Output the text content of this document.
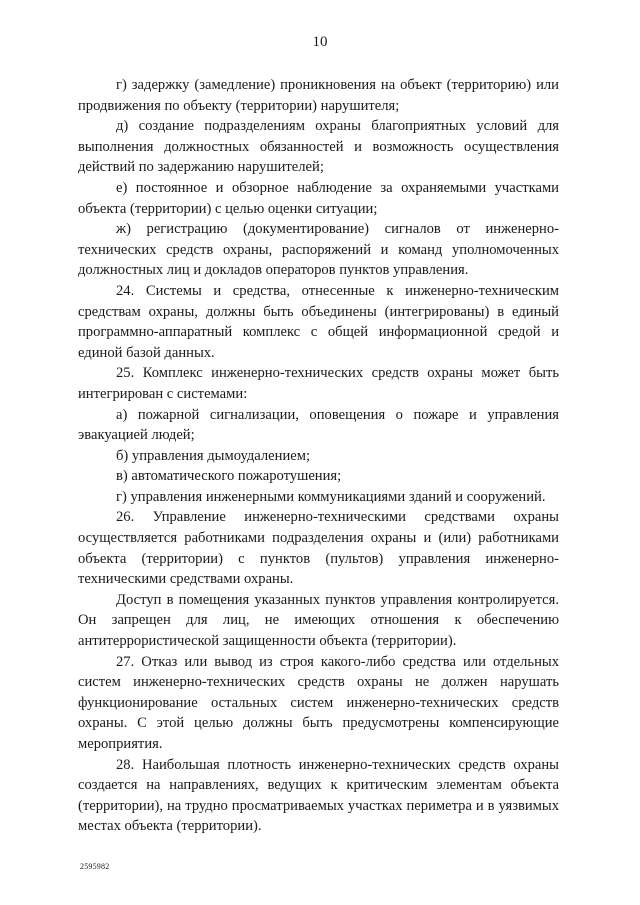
10

г) задержку (замедление) проникновения на объект (территорию) или продвижения по объекту (территории) нарушителя;

д) создание подразделениям охраны благоприятных условий для выполнения должностных обязанностей и возможность осуществления действий по задержанию нарушителей;

е) постоянное и обзорное наблюдение за охраняемыми участками объекта (территории) с целью оценки ситуации;

ж) регистрацию (документирование) сигналов от инженерно-технических средств охраны, распоряжений и команд уполномоченных должностных лиц и докладов операторов пунктов управления.

24. Системы и средства, отнесенные к инженерно-техническим средствам охраны, должны быть объединены (интегрированы) в единый программно-аппаратный комплекс с общей информационной средой и единой базой данных.

25. Комплекс инженерно-технических средств охраны может быть интегрирован с системами:

а) пожарной сигнализации, оповещения о пожаре и управления эвакуацией людей;

б) управления дымоудалением;

в) автоматического пожаротушения;

г) управления инженерными коммуникациями зданий и сооружений.

26. Управление инженерно-техническими средствами охраны осуществляется работниками подразделения охраны и (или) работниками объекта (территории) с пунктов (пультов) управления инженерно-техническими средствами охраны.

Доступ в помещения указанных пунктов управления контролируется. Он запрещен для лиц, не имеющих отношения к обеспечению антитеррористической защищенности объекта (территории).

27. Отказ или вывод из строя какого-либо средства или отдельных систем инженерно-технических средств охраны не должен нарушать функционирование остальных систем инженерно-технических средств охраны. С этой целью должны быть предусмотрены компенсирующие мероприятия.

28. Наибольшая плотность инженерно-технических средств охраны создается на направлениях, ведущих к критическим элементам объекта (территории), на трудно просматриваемых участках периметра и в уязвимых местах объекта (территории).

2595982
